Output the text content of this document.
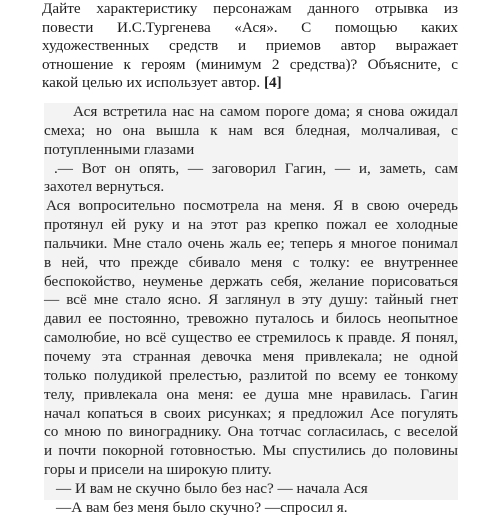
Дайте характеристику персонажам данного отрывка из
повести И.С.Тургенева «Ася». С помощью каких
художественных средств и приемов автор выражает
отношение к героям (минимум 2 средства)? Объясните, с
какой целью их использует автор.
[4]
Ася встретила нас на самом пороге дома; я снова ожидал
смеха; но она вышла к нам вся бледная, молчаливая, с
потупленными глазами
.— Вот он опять, — заговорил Гагин, — и, заметь, сам
захотел вернуться.
Ася вопросительно посмотрела на меня. Я в свою очередь
протянул ей руку и на этот раз крепко пожал ее холодные
пальчики. Мне стало очень жаль ее; теперь я многое понимал
в ней, что прежде сбивало меня с толку: ее внутреннее
беспокойство, неуменье держать себя, желание порисоваться
— всё мне стало ясно. Я заглянул в эту душу: тайный гнет
давил ее постоянно, тревожно путалось и билось неопытное
самолюбие, но всё существо ее стремилось к правде. Я понял,
почему эта странная девочка меня привлекала; не одной
только полудикой прелестью, разлитой по всему ее тонкому
телу, привлекала она меня: ее душа мне нравилась. Гагин
начал копаться в своих рисунках; я предложил Асе погулять
со мною по винограднику. Она тотчас согласилась, с веселой
и почти покорной готовностью. Мы спустились до половины
горы и присели на широкую плиту.
— И вам не скучно было без нас? — начала Ася
—А вам без меня было скучно? —спросил я.
